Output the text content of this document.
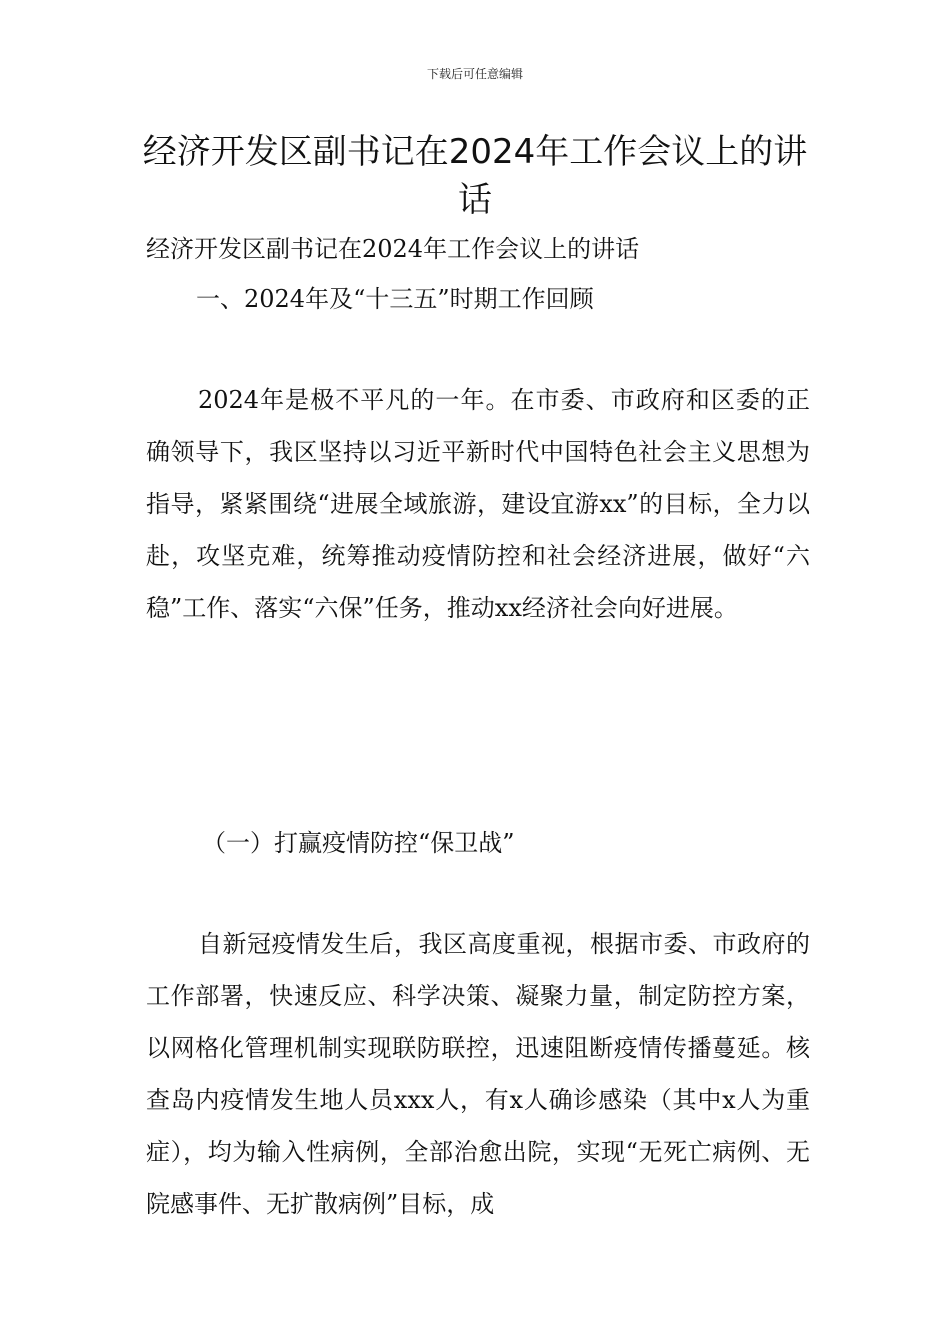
下载后可任意编辑
经济开发区副书记在2024年工作会议上的讲话
经济开发区副书记在2024年工作会议上的讲话
一、2024年及“十三五”时期工作回顾

2024年是极不平凡的一年。在市委、市政府和区委的正确领导下，我区坚持以习近平新时代中国特色社会主义思想为指导，紧紧围绕“进展全域旅游，建设宜游xx”的目标，全力以赴，攻坚克难，统筹推动疫情防控和社会经济进展，做好“六稳”工作、落实“六保”任务，推动xx经济社会向好进展。

（一）打赢疫情防控“保卫战”

自新冠疫情发生后，我区高度重视，根据市委、市政府的工作部署，快速反应、科学决策、凝聚力量，制定防控方案，以网格化管理机制实现联防联控，迅速阻断疫情传播蔓延。核查岛内疫情发生地人员xxx人，有x人确诊感染（其中x人为重症），均为输入性病例，全部治愈出院，实现“无死亡病例、无院感事件、无扩散病例”目标，成
